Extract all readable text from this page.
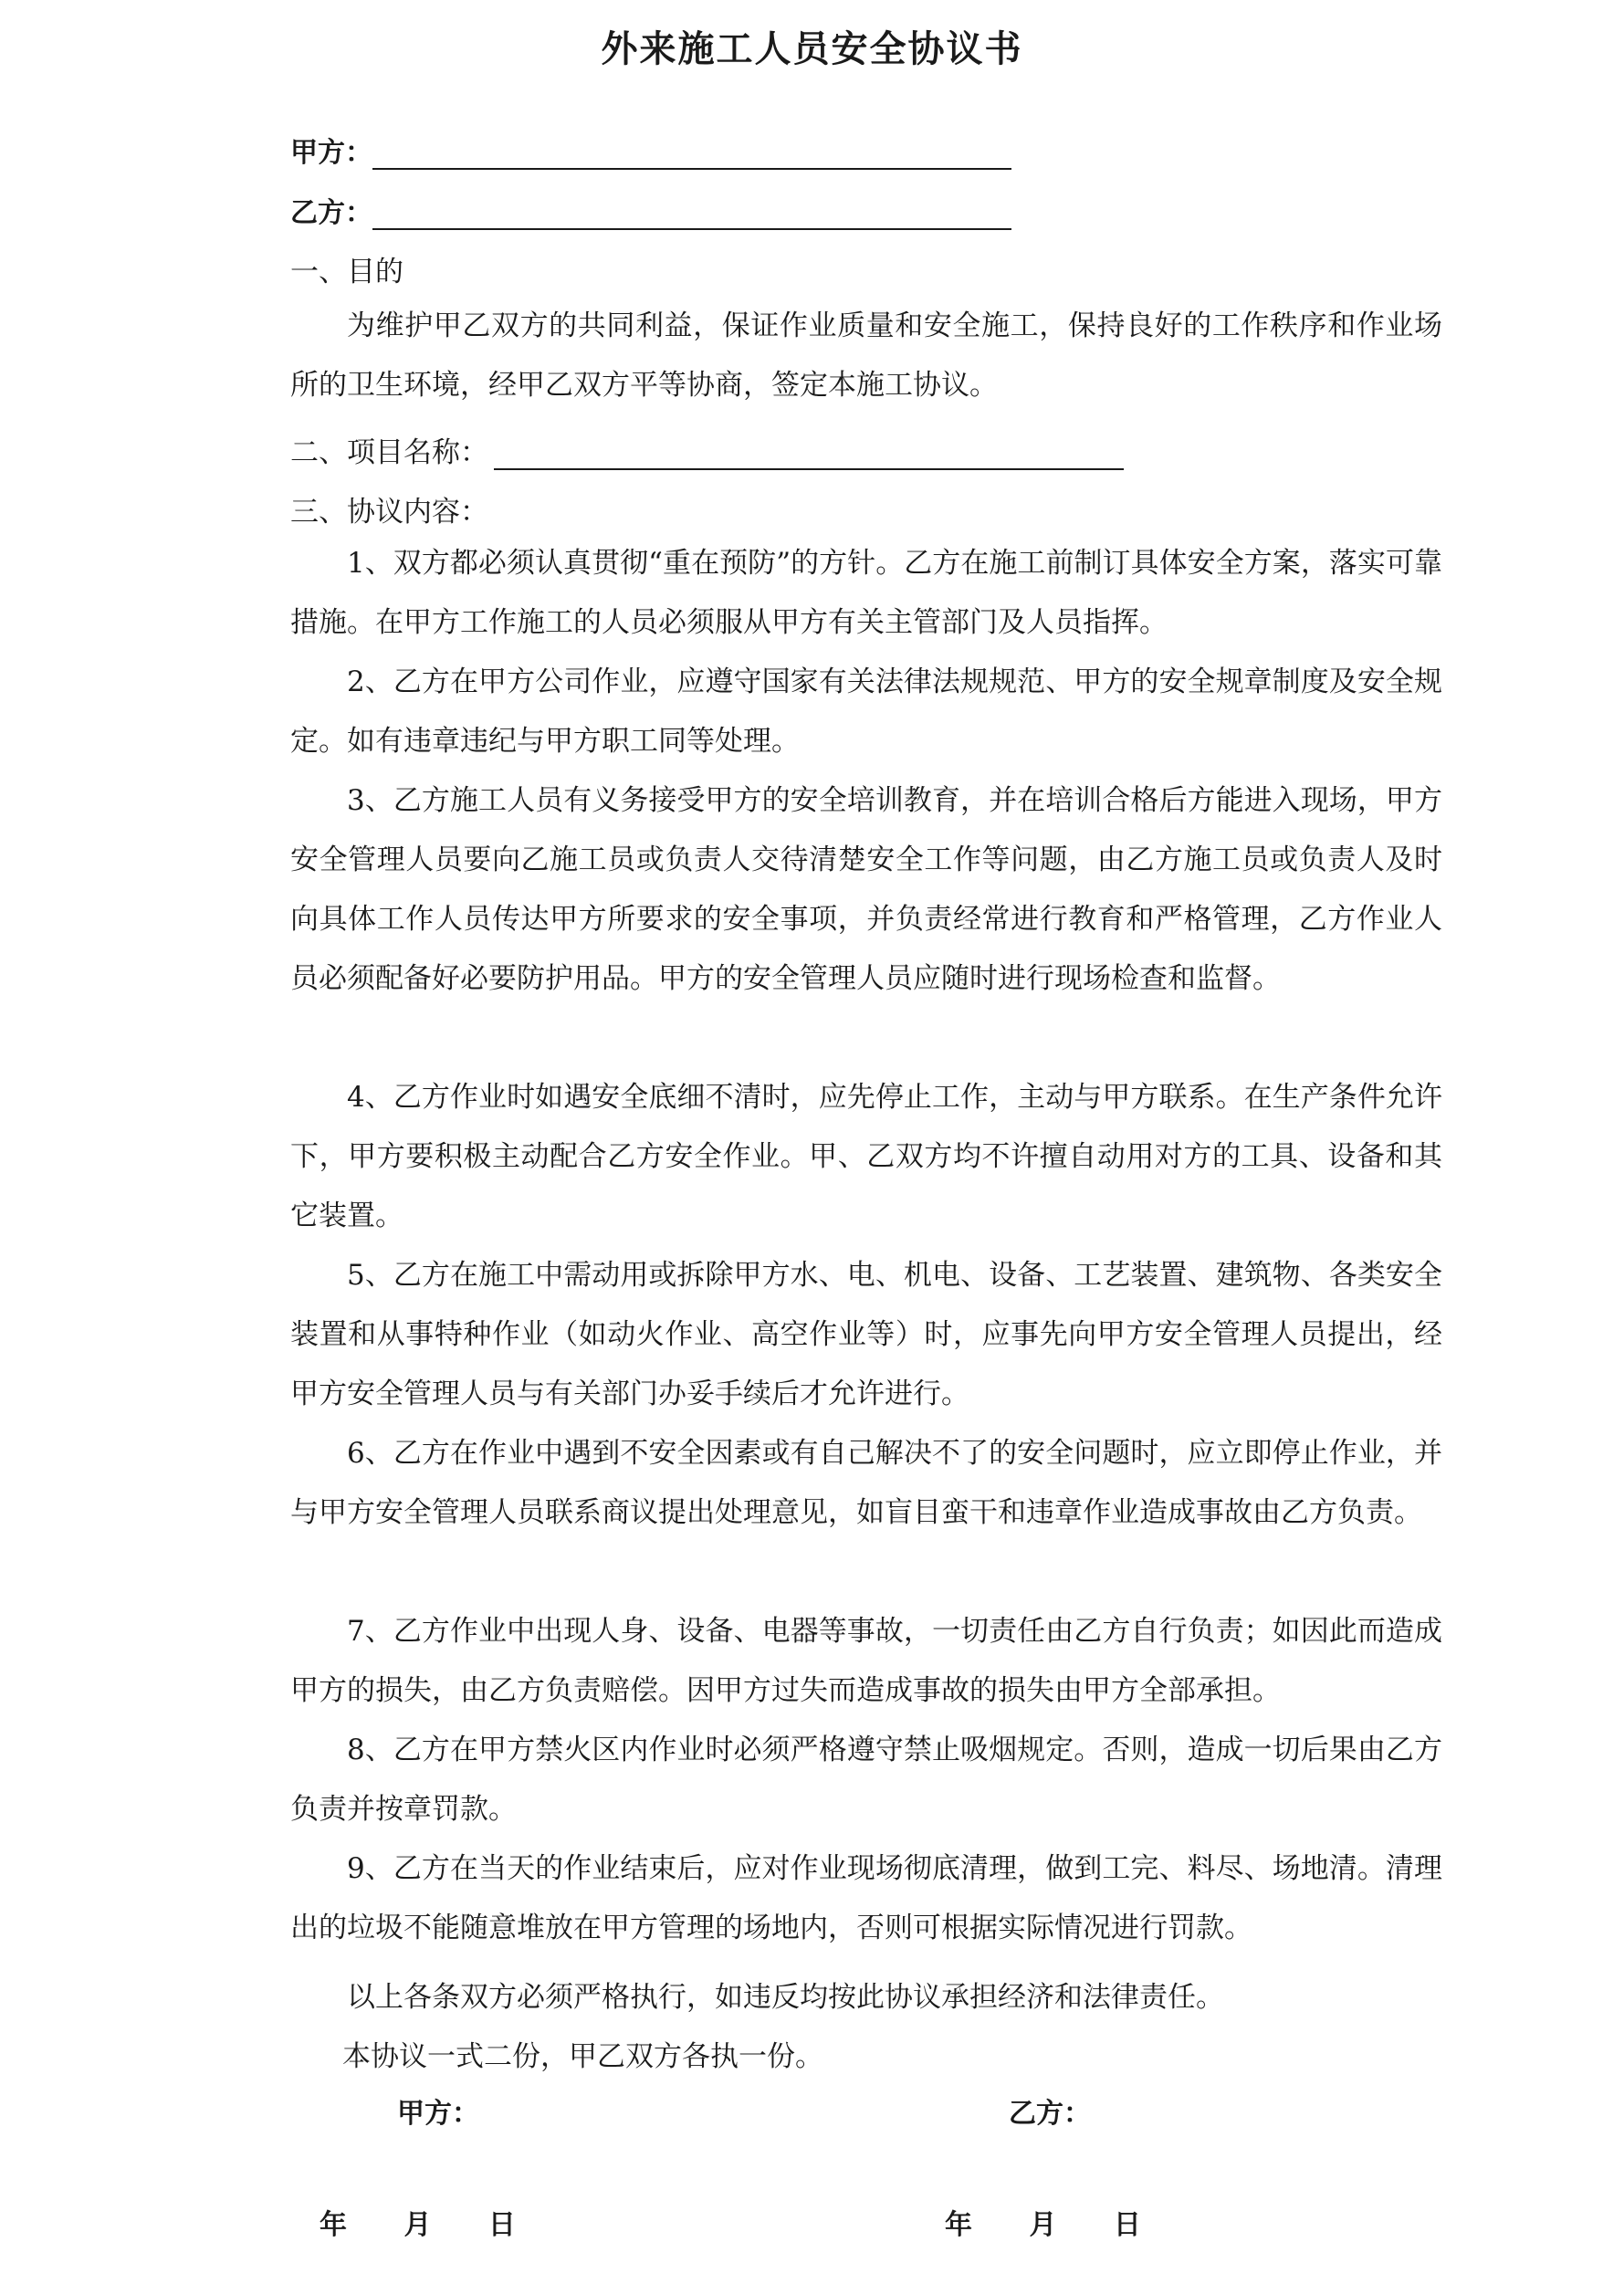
外来施工人员安全协议书
甲方：
乙方：
一、目的
为维护甲乙双方的共同利益，保证作业质量和安全施工，保持良好的工作秩序和作业场所的卫生环境，经甲乙双方平等协商，签定本施工协议。
二、项目名称：
三、协议内容：
1、双方都必须认真贯彻“重在预防”的方针。乙方在施工前制订具体安全方案，落实可靠措施。在甲方工作施工的人员必须服从甲方有关主管部门及人员指挥。
2、乙方在甲方公司作业，应遵守国家有关法律法规规范、甲方的安全规章制度及安全规定。如有违章违纪与甲方职工同等处理。
3、乙方施工人员有义务接受甲方的安全培训教育，并在培训合格后方能进入现场，甲方安全管理人员要向乙施工员或负责人交待清楚安全工作等问题，由乙方施工员或负责人及时向具体工作人员传达甲方所要求的安全事项，并负责经常进行教育和严格管理，乙方作业人员必须配备好必要防护用品。甲方的安全管理人员应随时进行现场检查和监督。
4、乙方作业时如遇安全底细不清时，应先停止工作，主动与甲方联系。在生产条件允许下，甲方要积极主动配合乙方安全作业。甲、乙双方均不许擅自动用对方的工具、设备和其它装置。
5、乙方在施工中需动用或拆除甲方水、电、机电、设备、工艺装置、建筑物、各类安全装置和从事特种作业（如动火作业、高空作业等）时，应事先向甲方安全管理人员提出，经甲方安全管理人员与有关部门办妥手续后才允许进行。
6、乙方在作业中遇到不安全因素或有自己解决不了的安全问题时，应立即停止作业，并与甲方安全管理人员联系商议提出处理意见，如盲目蛮干和违章作业造成事故由乙方负责。
7、乙方作业中出现人身、设备、电器等事故，一切责任由乙方自行负责；如因此而造成甲方的损失，由乙方负责赔偿。因甲方过失而造成事故的损失由甲方全部承担。
8、乙方在甲方禁火区内作业时必须严格遵守禁止吸烟规定。否则，造成一切后果由乙方负责并按章罚款。
9、乙方在当天的作业结束后，应对作业现场彻底清理，做到工完、料尽、场地清。清理出的垃圾不能随意堆放在甲方管理的场地内，否则可根据实际情况进行罚款。
以上各条双方必须严格执行，如违反均按此协议承担经济和法律责任。
本协议一式二份，甲乙双方各执一份。
甲方：	乙方：
年 月 日	年 月 日
